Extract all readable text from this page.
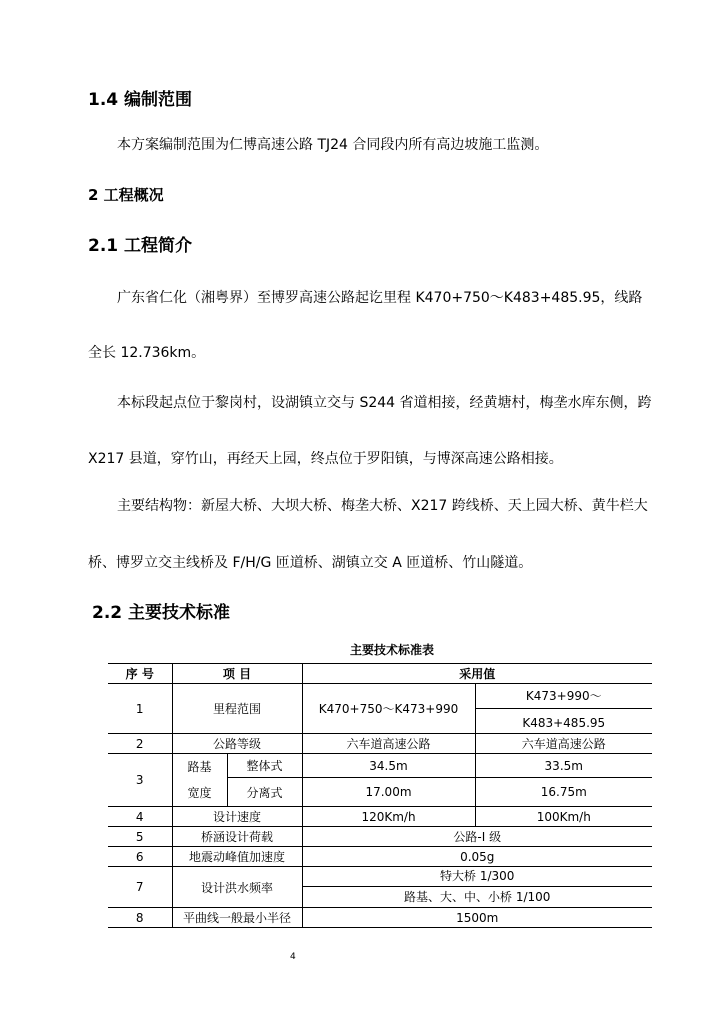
1.4 编制范围
本方案编制范围为仁博高速公路 TJ24 合同段内所有高边坡施工监测。
2 工程概况
2.1 工程简介
广东省仁化（湘粤界）至博罗高速公路起讫里程 K470+750～K483+485.95，线路
全长 12.736km。
本标段起点位于黎岗村，设湖镇立交与 S244 省道相接，经黄塘村，梅垄水库东侧，跨
X217 县道，穿竹山，再经天上园，终点位于罗阳镇，与博深高速公路相接。
主要结构物：新屋大桥、大坝大桥、梅垄大桥、X217 跨线桥、天上园大桥、黄牛栏大
桥、博罗立交主线桥及 F/H/G 匝道桥、湖镇立交 A 匝道桥、竹山隧道。
2.2 主要技术标准
主要技术标准表
序 号	项 目		采用值	
1	里程范围		K470+750～K473+990	K473+990～
K483+485.95

2	公路等级		六车道高速公路	六车道高速公路
3	路基
宽度	整体式	34.5m	33.5m
		分离式	17.00m	16.75m
4	设计速度		120Km/h	100Km/h
5	桥涵设计荷载		公路-I 级	
6	地震动峰值加速度		0.05g	
7	设计洪水频率		特大桥 1/300
路基、大、中、小桥 1/100	

8	平曲线一般最小半径		1500m	
4
